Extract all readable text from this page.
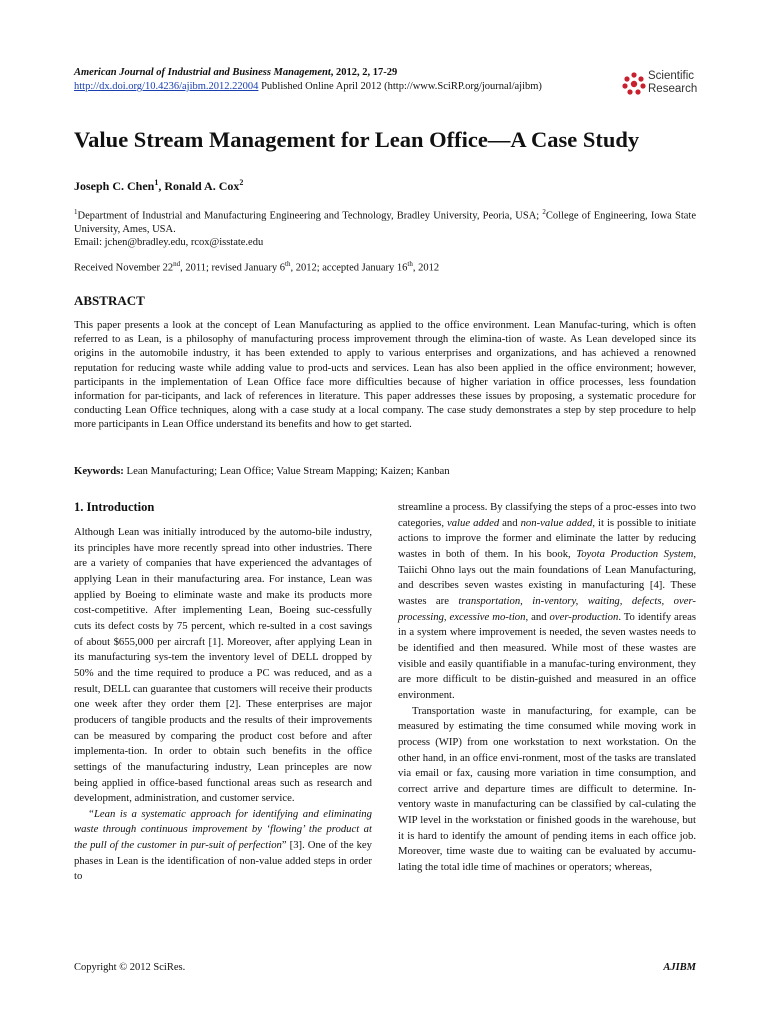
American Journal of Industrial and Business Management, 2012, 2, 17-29
http://dx.doi.org/10.4236/ajibm.2012.22004 Published Online April 2012 (http://www.SciRP.org/journal/ajibm)
Scientific
Research
Value Stream Management for Lean Office—A Case Study
Joseph C. Chen$^1$, Ronald A. Cox$^2$
$^1$Department of Industrial and Manufacturing Engineering and Technology, Bradley University, Peoria, USA; $^2$College of Engineering, Iowa State University, Ames, USA.
Email: jchen@bradley.edu, rcox@isstate.edu
Received November 22nd, 2011; revised January 6th, 2012; accepted January 16th, 2012
ABSTRACT
This paper presents a look at the concept of Lean Manufacturing as applied to the office environment. Lean Manufac-turing, which is often referred to as Lean, is a philosophy of manufacturing process improvement through the elimina-tion of waste. As Lean developed since its origins in the automobile industry, it has been extended to apply to various enterprises and organizations, and has achieved a renowned reputation for reducing waste while adding value to prod-ucts and services. Lean has also been applied in the office environment; however, participants in the implementation of Lean Office face more difficulties because of higher variation in office processes, less foundation information for par-ticipants, and lack of references in literature. This paper addresses these issues by proposing, a systematic procedure for conducting Lean Office techniques, along with a case study at a local company. The case study demonstrates a step by step procedure to help more participants in Lean Office understand its benefits and how to get started.
Keywords: Lean Manufacturing; Lean Office; Value Stream Mapping; Kaizen; Kanban
1. Introduction

Although Lean was initially introduced by the automo-bile industry, its principles have more recently spread into other industries. There are a variety of companies that have experienced the advantages of applying Lean in their manufacturing area. For instance, Lean was applied by Boeing to eliminate waste and make its products more cost-competitive. After implementing Lean, Boeing suc-cessfully cuts its defect costs by 75 percent, which re-sulted in a cost savings of about $655,000 per aircraft [1]. Moreover, after applying Lean in its manufacturing sys-tem the inventory level of DELL dropped by 50% and the time required to produce a PC was reduced, and as a result, DELL can guarantee that customers will receive their products one week after they order them [2]. These enterprises are major producers of tangible products and the results of their improvements can be measured by comparing the product cost before and after implementa-tion. In order to obtain such benefits in the office settings of the manufacturing industry, Lean princeples are now being applied in office-based functional areas such as research and development, administration, and customer service.

“Lean is a systematic approach for identifying and eliminating waste through continuous improvement by ‘flowing’ the product at the pull of the customer in pur-suit of perfection” [3]. One of the key phases in Lean is the identification of non-value added steps in order to

streamline a process. By classifying the steps of a proc-esses into two categories, value added and non-value added, it is possible to initiate actions to improve the former and eliminate the latter by reducing wastes in both of them. In his book, Toyota Production System, Taiichi Ohno lays out the main foundations of Lean Manufacturing, and describes seven wastes existing in manufacturing [4]. These wastes are transportation, in-ventory, waiting, defects, over-processing, excessive mo-tion, and over-production. To identify areas in a system where improvement is needed, the seven wastes needs to be identified and then measured. While most of these wastes are visible and easily quantifiable in a manufac-turing environment, they are more difficult to be distin-guished and measured in an office environment.

Transportation waste in manufacturing, for example, can be measured by estimating the time consumed while moving work in process (WIP) from one workstation to next workstation. On the other hand, in an office envi-ronment, most of the tasks are translated via email or fax, causing more variation in time consumption, and correct arrive and departure times are difficult to determine. In-ventory waste in manufacturing can be classified by cal-culating the WIP level in the workstation or finished goods in the warehouse, but it is hard to identify the amount of pending items in each office job. Moreover, time waste due to waiting can be evaluated by accumu-lating the total idle time of machines or operators; whereas,

Copyright © 2012 SciRes.	AJIBM
